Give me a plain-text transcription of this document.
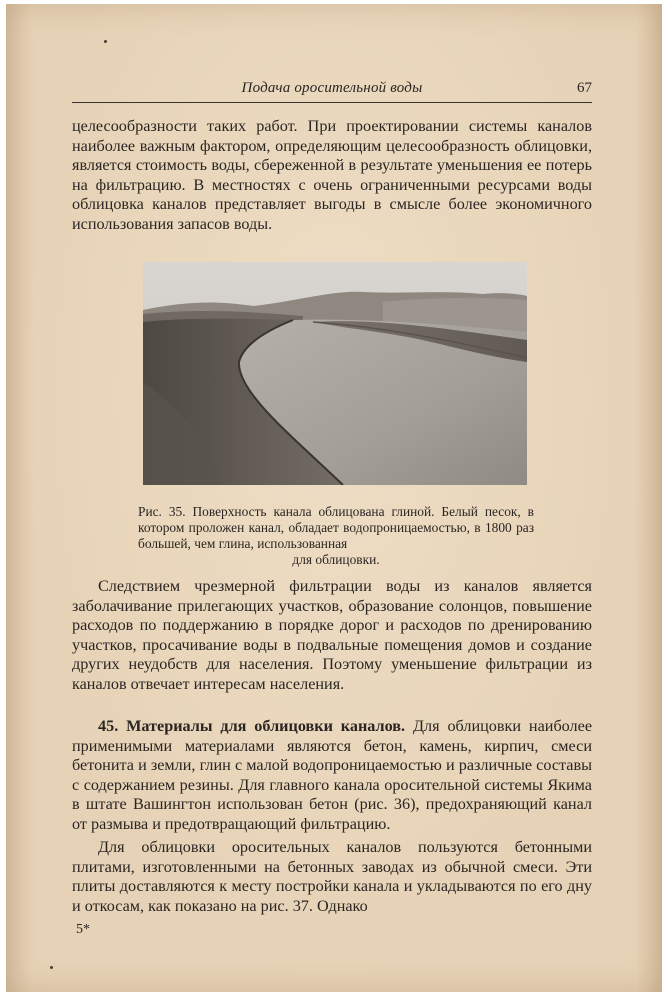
Подача оросительной воды	67

целесообразности таких работ. При проектировании системы каналов наиболее важным фактором, определяющим целесообразность облицовки, является стоимость воды, сбереженной в результате уменьшения ее потерь на фильтрацию. В местностях с очень ограниченными ресурсами воды облицовка каналов представляет выгоды в смысле более экономичного использования запасов воды.

Рис. 35. Поверхность канала облицована глиной. Белый песок, в котором проложен канал, обладает водопроницаемостью, в 1800 раз большей, чем глина, использованная
для облицовки.

Следствием чрезмерной фильтрации воды из каналов является заболачивание прилегающих участков, образование солонцов, повышение расходов по поддержанию в порядке дорог и расходов по дренированию участков, просачивание воды в подвальные помещения домов и создание других неудобств для населения. Поэтому уменьшение фильтрации из каналов отвечает интересам населения.

45. Материалы для облицовки каналов. Для облицовки наиболее применимыми материалами являются бетон, камень, кирпич, смеси бетонита и земли, глин с малой водопроницаемостью и различные составы с содержанием резины. Для главного канала оросительной системы Якима в штате Вашингтон использован бетон (рис. 36), предохраняющий канал от размыва и предотвращающий фильтрацию.

Для облицовки оросительных каналов пользуются бетонными плитами, изготовленными на бетонных заводах из обычной смеси. Эти плиты доставляются к месту постройки канала и укладываются по его дну и откосам, как показано на рис. 37. Однако

5*
